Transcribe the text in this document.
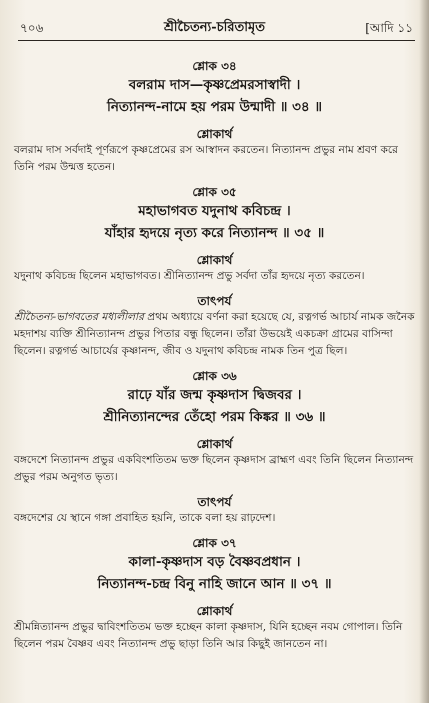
৭০৬	শ্রীচৈতন্য-চরিতামৃত	[আদি ১১
শ্লোক ৩৪
বলরাম দাস—কৃষ্ণপ্রেমরসাস্বাদী ।
নিত্যানন্দ-নামে হয় পরম উন্মাদী ॥ ৩৪ ॥
শ্লোকার্থ
বলরাম দাস সর্বদাই পূর্ণরূপে কৃষ্ণপ্রেমের রস আস্বাদন করতেন। নিত্যানন্দ প্রভুর নাম শ্রবণ করে তিনি পরম উন্মত্ত হতেন।
শ্লোক ৩৫
মহাভাগবত যদুনাথ কবিচন্দ্র ।
যাঁহার হৃদয়ে নৃত্য করে নিত্যানন্দ ॥ ৩৫ ॥
শ্লোকার্থ
যদুনাথ কবিচন্দ্র ছিলেন মহাভাগবত। শ্রীনিত্যানন্দ প্রভু সর্বদা তাঁর হৃদয়ে নৃত্য করতেন।
তাৎপর্য
শ্রীচৈতন্য-ভাগবতের মধ্যলীলার প্রথম অধ্যায়ে বর্ণনা করা হয়েছে যে, রত্নগর্ভ আচার্য নামক জনৈক মহদাশয় ব্যক্তি শ্রীনিত্যানন্দ প্রভুর পিতার বন্ধু ছিলেন। তাঁরা উভয়েই একচক্রা গ্রামের বাসিন্দা ছিলেন। রত্নগর্ভ আচার্যের কৃষ্ণানন্দ, জীব ও যদুনাথ কবিচন্দ্র নামক তিন পুত্র ছিল।
শ্লোক ৩৬
রাঢ়ে যাঁর জন্ম কৃষ্ণদাস দ্বিজবর ।
শ্রীনিত্যানন্দের তেঁহো পরম কিঙ্কর ॥ ৩৬ ॥
শ্লোকার্থ
বঙ্গদেশে নিত্যানন্দ প্রভুর একবিংশতিতম ভক্ত ছিলেন কৃষ্ণদাস ব্রাহ্মণ এবং তিনি ছিলেন নিত্যানন্দ প্রভুর পরম অনুগত ভৃত্য।
তাৎপর্য
বঙ্গদেশের যে স্থানে গঙ্গা প্রবাহিত হয়নি, তাকে বলা হয় রাঢ়দেশ।
শ্লোক ৩৭
কালা-কৃষ্ণদাস বড় বৈষ্ণবপ্রধান ।
নিত্যানন্দ-চন্দ্র বিনু নাহি জানে আন ॥ ৩৭ ॥
শ্লোকার্থ
শ্রীমন্নিত্যানন্দ প্রভুর দ্বাবিংশতিতম ভক্ত হচ্ছেন কালা কৃষ্ণদাস, যিনি হচ্ছেন নবম গোপাল। তিনি ছিলেন পরম বৈষ্ণব এবং নিত্যানন্দ প্রভু ছাড়া তিনি আর কিছুই জানতেন না।
